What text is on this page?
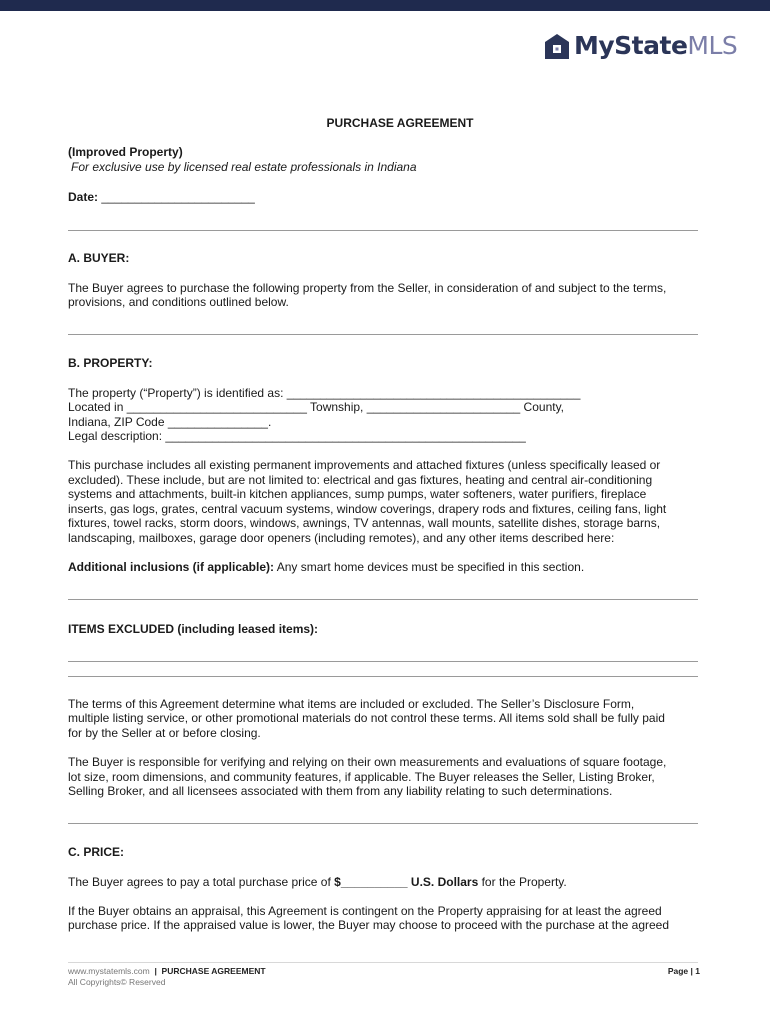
MyStateMLS
PURCHASE AGREEMENT
(Improved Property)
For exclusive use by licensed real estate professionals in Indiana
Date: _______________________
A. BUYER:
The Buyer agrees to purchase the following property from the Seller, in consideration of and subject to the terms,
provisions, and conditions outlined below.
B. PROPERTY:
The property (“Property”) is identified as: ____________________________________________
Located in ___________________________ Township, _______________________ County,
Indiana, ZIP Code _______________.
Legal description: ______________________________________________________
This purchase includes all existing permanent improvements and attached fixtures (unless specifically leased or
excluded). These include, but are not limited to: electrical and gas fixtures, heating and central air-conditioning
systems and attachments, built-in kitchen appliances, sump pumps, water softeners, water purifiers, fireplace
inserts, gas logs, grates, central vacuum systems, window coverings, drapery rods and fixtures, ceiling fans, light
fixtures, towel racks, storm doors, windows, awnings, TV antennas, wall mounts, satellite dishes, storage barns,
landscaping, mailboxes, garage door openers (including remotes), and any other items described here:
Additional inclusions (if applicable): Any smart home devices must be specified in this section.
ITEMS EXCLUDED (including leased items):
The terms of this Agreement determine what items are included or excluded. The Seller’s Disclosure Form,
multiple listing service, or other promotional materials do not control these terms. All items sold shall be fully paid
for by the Seller at or before closing.
The Buyer is responsible for verifying and relying on their own measurements and evaluations of square footage,
lot size, room dimensions, and community features, if applicable. The Buyer releases the Seller, Listing Broker,
Selling Broker, and all licensees associated with them from any liability relating to such determinations.
C. PRICE:
The Buyer agrees to pay a total purchase price of $__________ U.S. Dollars for the Property.
If the Buyer obtains an appraisal, this Agreement is contingent on the Property appraising for at least the agreed
purchase price. If the appraised value is lower, the Buyer may choose to proceed with the purchase at the agreed
www.mystatemls.com  |  PURCHASE AGREEMENT
All Copyrights© Reserved
Page | 1
